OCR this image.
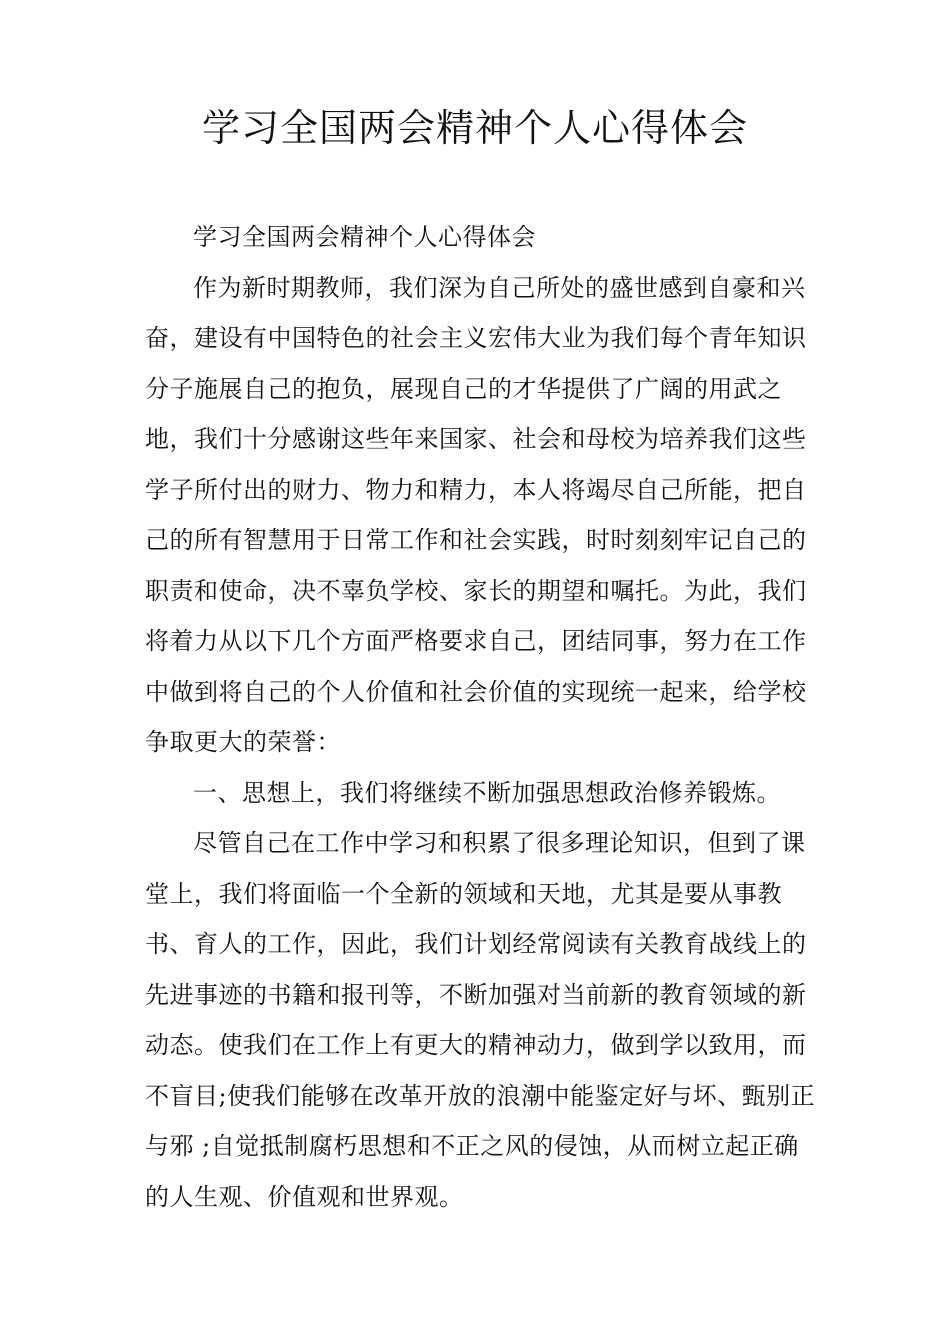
学习全国两会精神个人心得体会

学习全国两会精神个人心得体会

作为新时期教师，我们深为自己所处的盛世感到自豪和兴奋，建设有中国特色的社会主义宏伟大业为我们每个青年知识分子施展自己的抱负，展现自己的才华提供了广阔的用武之地，我们十分感谢这些年来国家、社会和母校为培养我们这些学子所付出的财力、物力和精力，本人将竭尽自己所能，把自己的所有智慧用于日常工作和社会实践，时时刻刻牢记自己的职责和使命，决不辜负学校、家长的期望和嘱托。为此，我们将着力从以下几个方面严格要求自己，团结同事，努力在工作中做到将自己的个人价值和社会价值的实现统一起来，给学校争取更大的荣誉：

一、思想上，我们将继续不断加强思想政治修养锻炼。

尽管自己在工作中学习和积累了很多理论知识，但到了课堂上，我们将面临一个全新的领域和天地，尤其是要从事教书、育人的工作，因此，我们计划经常阅读有关教育战线上的先进事迹的书籍和报刊等，不断加强对当前新的教育领域的新动态。使我们在工作上有更大的精神动力，做到学以致用，而不盲目;使我们能够在改革开放的浪潮中能鉴定好与坏、甄别正与邪 ;自觉抵制腐朽思想和不正之风的侵蚀，从而树立起正确的人生观、价值观和世界观。
